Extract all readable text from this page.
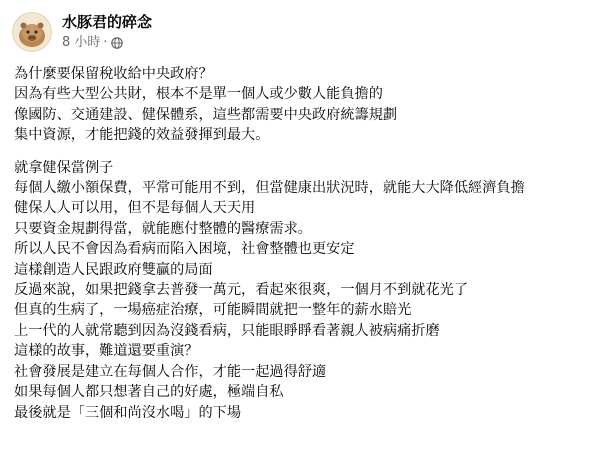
水豚君的碎念
8 小時 ·
為什麼要保留稅收給中央政府？
因為有些大型公共財，根本不是單一個人或少數人能負擔的
像國防、交通建設、健保體系，這些都需要中央政府統籌規劃
集中資源，才能把錢的效益發揮到最大。
就拿健保當例子
每個人繳小額保費，平常可能用不到，但當健康出狀況時，就能大大降低經濟負擔
健保人人可以用，但不是每個人天天用
只要資金規劃得當，就能應付整體的醫療需求。
所以人民不會因為看病而陷入困境，社會整體也更安定
這樣創造人民跟政府雙贏的局面
反過來說，如果把錢拿去普發一萬元，看起來很爽，一個月不到就花光了
但真的生病了，一場癌症治療，可能瞬間就把一整年的薪水賠光
上一代的人就常聽到因為沒錢看病，只能眼睜睜看著親人被病痛折磨
這樣的故事，難道還要重演？
社會發展是建立在每個人合作，才能一起過得舒適
如果每個人都只想著自己的好處，極端自私
最後就是「三個和尚沒水喝」的下場
